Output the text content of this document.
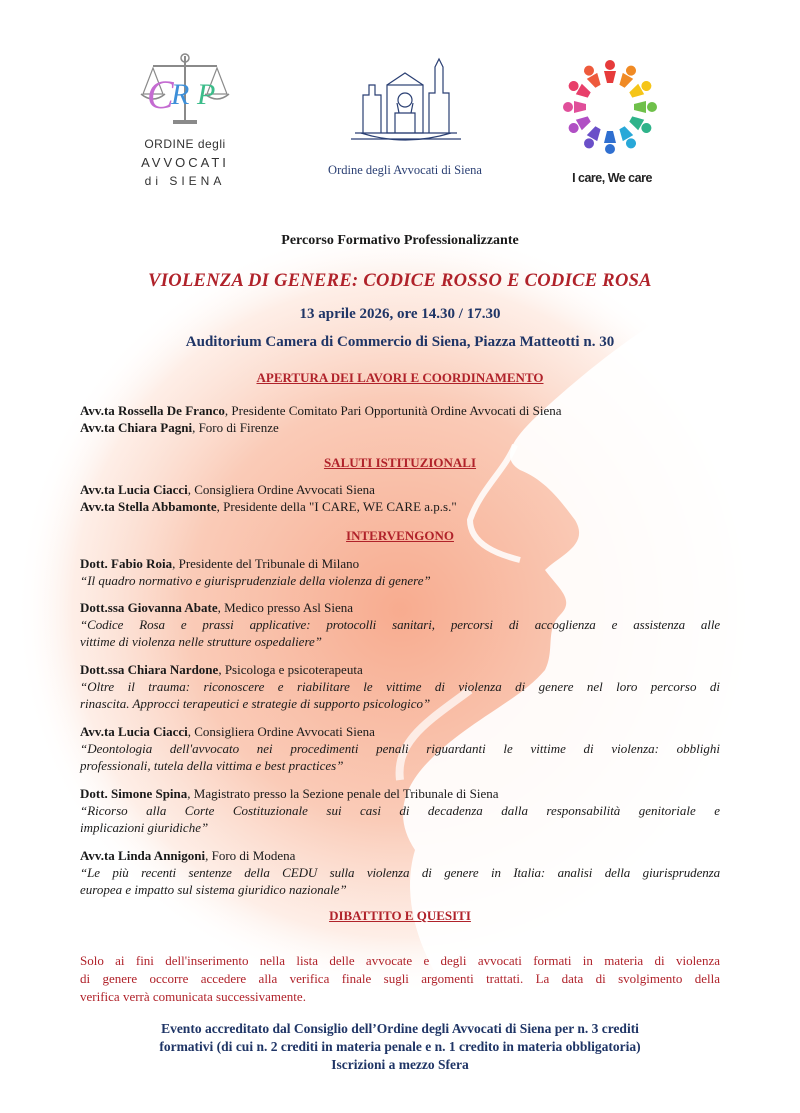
C
R P
ORDINE degli
AVVOCATI
di SIENA
Ordine degli Avvocati di Siena
I care, We care
Percorso Formativo Professionalizzante
VIOLENZA DI GENERE: CODICE ROSSO E CODICE ROSA
13 aprile 2026, ore 14.30 / 17.30
Auditorium Camera di Commercio di Siena, Piazza Matteotti n. 30
APERTURA DEI LAVORI E COORDINAMENTO
Avv.ta Rossella De Franco, Presidente Comitato Pari Opportunità Ordine Avvocati di Siena
Avv.ta Chiara Pagni, Foro di Firenze
SALUTI ISTITUZIONALI
Avv.ta Lucia Ciacci, Consigliera Ordine Avvocati Siena
Avv.ta Stella Abbamonte, Presidente della "I CARE, WE CARE a.p.s."
INTERVENGONO
Dott. Fabio Roia, Presidente del Tribunale di Milano
“Il quadro normativo e giurisprudenziale della violenza di genere”
Dott.ssa Giovanna Abate, Medico presso Asl Siena
“Codice Rosa e prassi applicative: protocolli sanitari, percorsi di accoglienza e assistenza alle
vittime di violenza nelle strutture ospedaliere”
Dott.ssa Chiara Nardone, Psicologa e psicoterapeuta
“Oltre il trauma: riconoscere e riabilitare le vittime di violenza di genere nel loro percorso di
rinascita. Approcci terapeutici e strategie di supporto psicologico”
Avv.ta Lucia Ciacci, Consigliera Ordine Avvocati Siena
“Deontologia dell'avvocato nei procedimenti penali riguardanti le vittime di violenza: obblighi
professionali, tutela della vittima e best practices”
Dott. Simone Spina, Magistrato presso la Sezione penale del Tribunale di Siena
“Ricorso alla Corte Costituzionale sui casi di decadenza dalla responsabilità genitoriale e
implicazioni giuridiche”
Avv.ta Linda Annigoni, Foro di Modena
“Le più recenti sentenze della CEDU sulla violenza di genere in Italia: analisi della giurisprudenza
europea e impatto sul sistema giuridico nazionale”
DIBATTITO E QUESITI
Solo ai fini dell'inserimento nella lista delle avvocate e degli avvocati formati in materia di violenza
di genere occorre accedere alla verifica finale sugli argomenti trattati. La data di svolgimento della
verifica verrà comunicata successivamente.
Evento accreditato dal Consiglio dell’Ordine degli Avvocati di Siena per n. 3 crediti
formativi (di cui n. 2 crediti in materia penale e n. 1 credito in materia obbligatoria)
Iscrizioni a mezzo Sfera
